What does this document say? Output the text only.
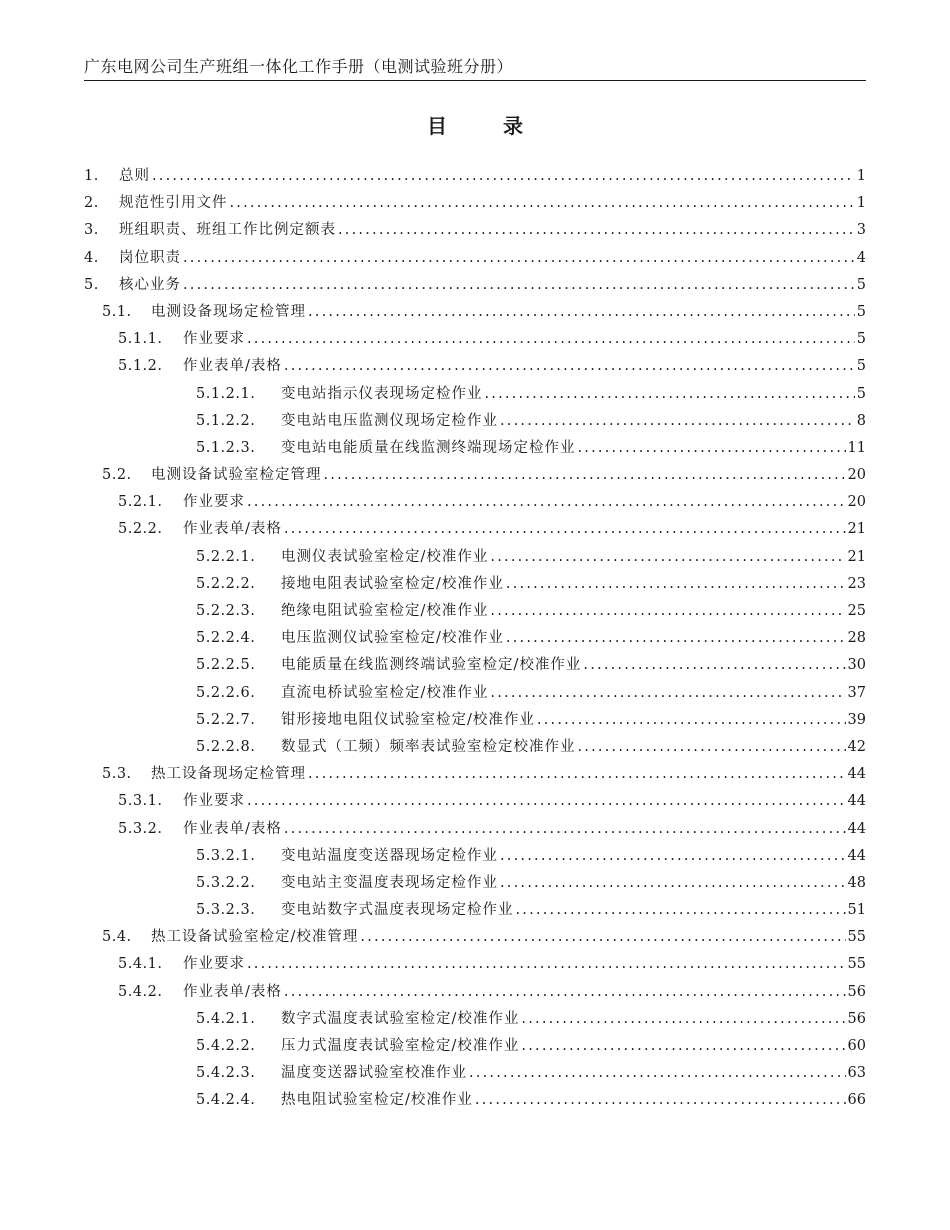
广东电网公司生产班组一体化工作手册（电测试验班分册）
目　录
1.	总则 .....	1
2.	规范性引用文件 .....	1
3.	班组职责、班组工作比例定额表 .....	3
4.	岗位职责 .....	4
5.	核心业务 .....	5
5.1.	电测设备现场定检管理 .....	5
5.1.1.	作业要求 .....	5
5.1.2.	作业表单/表格 .....	5
5.1.2.1.	变电站指示仪表现场定检作业 .....	5
5.1.2.2.	变电站电压监测仪现场定检作业 .....	8
5.1.2.3.	变电站电能质量在线监测终端现场定检作业 .....	11
5.2.	电测设备试验室检定管理 .....	20
5.2.1.	作业要求 .....	20
5.2.2.	作业表单/表格 .....	21
5.2.2.1.	电测仪表试验室检定/校准作业 .....	21
5.2.2.2.	接地电阻表试验室检定/校准作业 .....	23
5.2.2.3.	绝缘电阻试验室检定/校准作业 .....	25
5.2.2.4.	电压监测仪试验室检定/校准作业 .....	28
5.2.2.5.	电能质量在线监测终端试验室检定/校准作业 .....	30
5.2.2.6.	直流电桥试验室检定/校准作业 .....	37
5.2.2.7.	钳形接地电阻仪试验室检定/校准作业 .....	39
5.2.2.8.	数显式（工频）频率表试验室检定校准作业 .....	42
5.3.	热工设备现场定检管理 .....	44
5.3.1.	作业要求 .....	44
5.3.2.	作业表单/表格 .....	44
5.3.2.1.	变电站温度变送器现场定检作业 .....	44
5.3.2.2.	变电站主变温度表现场定检作业 .....	48
5.3.2.3.	变电站数字式温度表现场定检作业 .....	51
5.4.	热工设备试验室检定/校准管理 .....	55
5.4.1.	作业要求 .....	55
5.4.2.	作业表单/表格 .....	56
5.4.2.1.	数字式温度表试验室检定/校准作业 .....	56
5.4.2.2.	压力式温度表试验室检定/校准作业 .....	60
5.4.2.3.	温度变送器试验室校准作业 .....	63
5.4.2.4.	热电阻试验室检定/校准作业 .....	66
